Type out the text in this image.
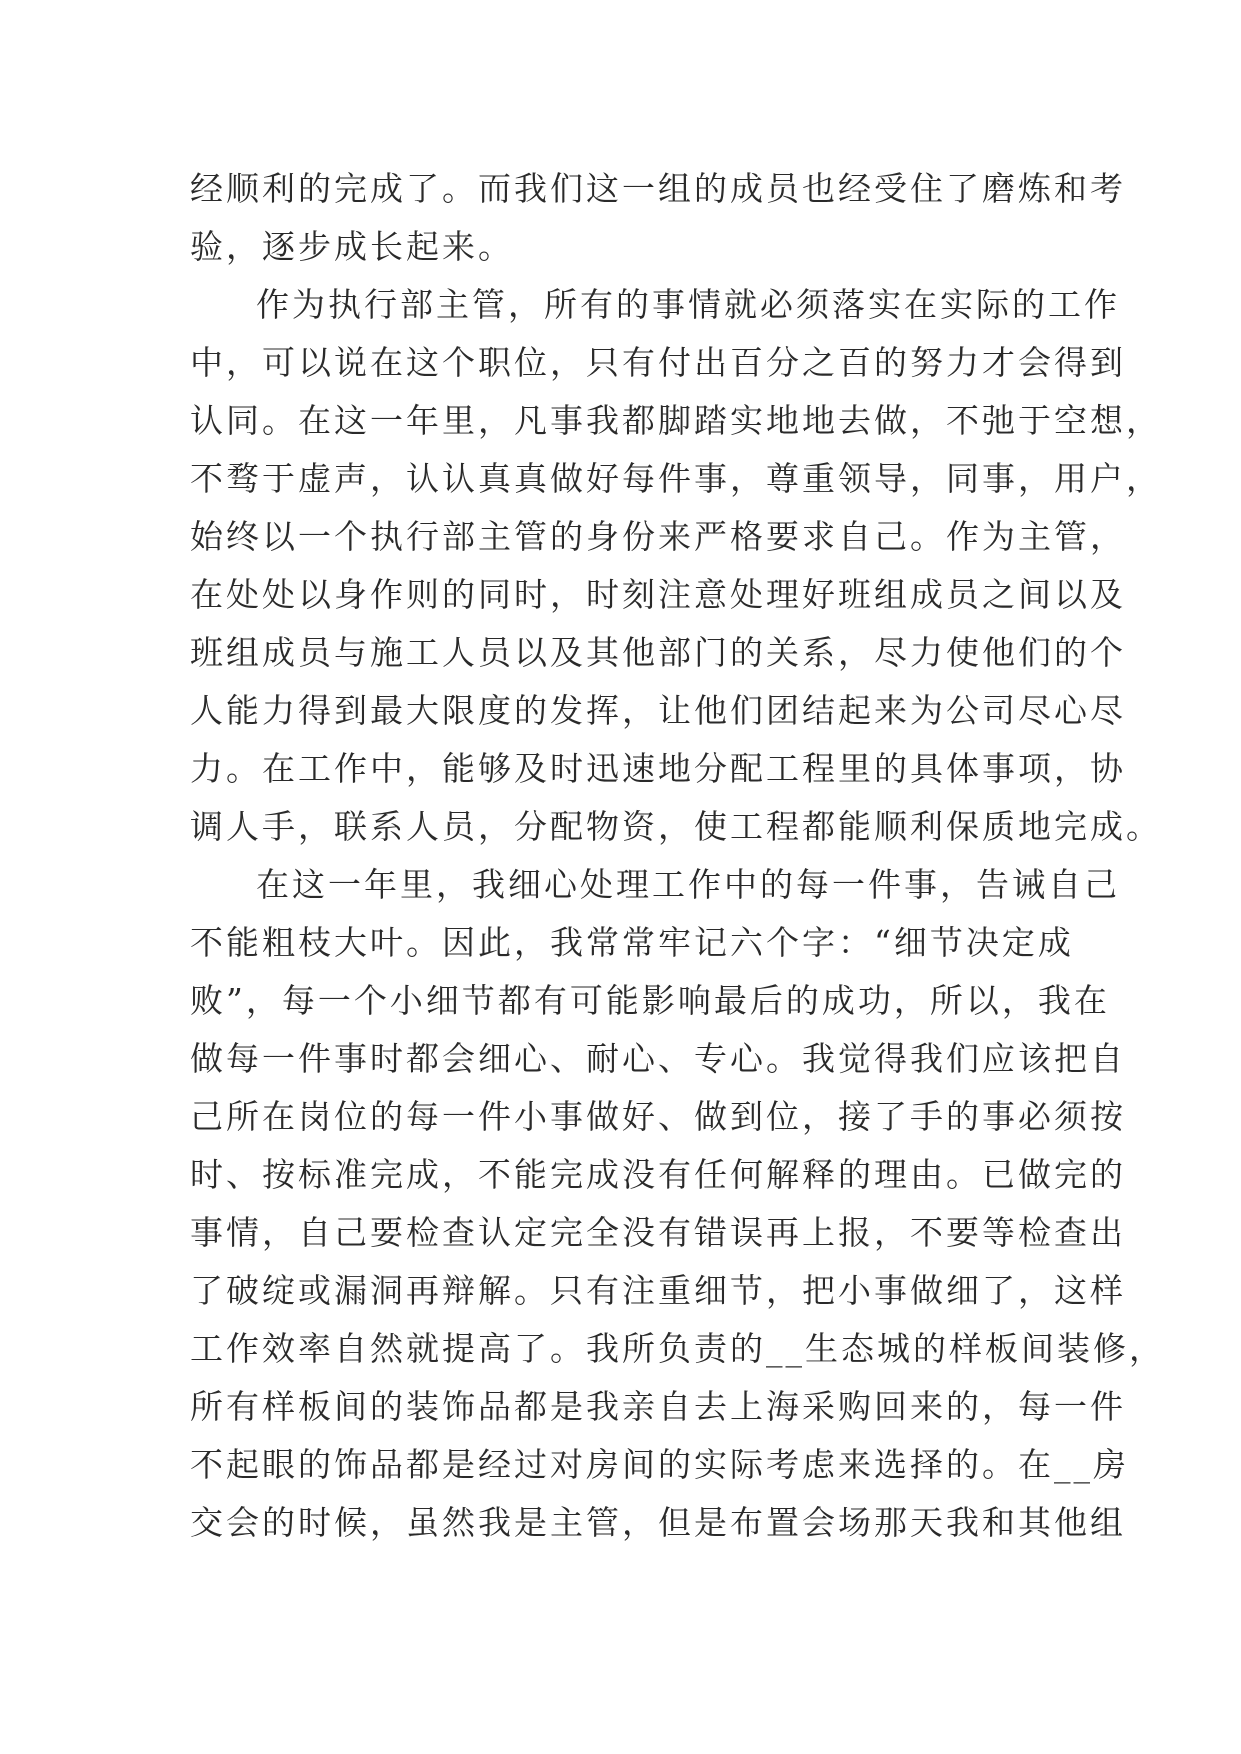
经顺利的完成了。而我们这一组的成员也经受住了磨炼和考
验，逐步成长起来。
作为执行部主管，所有的事情就必须落实在实际的工作
中，可以说在这个职位，只有付出百分之百的努力才会得到
认同。在这一年里，凡事我都脚踏实地地去做，不弛于空想，
不骛于虚声，认认真真做好每件事，尊重领导，同事，用户，
始终以一个执行部主管的身份来严格要求自己。作为主管，
在处处以身作则的同时，时刻注意处理好班组成员之间以及
班组成员与施工人员以及其他部门的关系，尽力使他们的个
人能力得到最大限度的发挥，让他们团结起来为公司尽心尽
力。在工作中，能够及时迅速地分配工程里的具体事项，协
调人手，联系人员，分配物资，使工程都能顺利保质地完成。
在这一年里，我细心处理工作中的每一件事，告诫自己
不能粗枝大叶。因此，我常常牢记六个字：“细节决定成
败”，每一个小细节都有可能影响最后的成功，所以，我在
做每一件事时都会细心、耐心、专心。我觉得我们应该把自
己所在岗位的每一件小事做好、做到位，接了手的事必须按
时、按标准完成，不能完成没有任何解释的理由。已做完的
事情，自己要检查认定完全没有错误再上报，不要等检查出
了破绽或漏洞再辩解。只有注重细节，把小事做细了，这样
工作效率自然就提高了。我所负责的__生态城的样板间装修，
所有样板间的装饰品都是我亲自去上海采购回来的，每一件
不起眼的饰品都是经过对房间的实际考虑来选择的。在__房
交会的时候，虽然我是主管，但是布置会场那天我和其他组
